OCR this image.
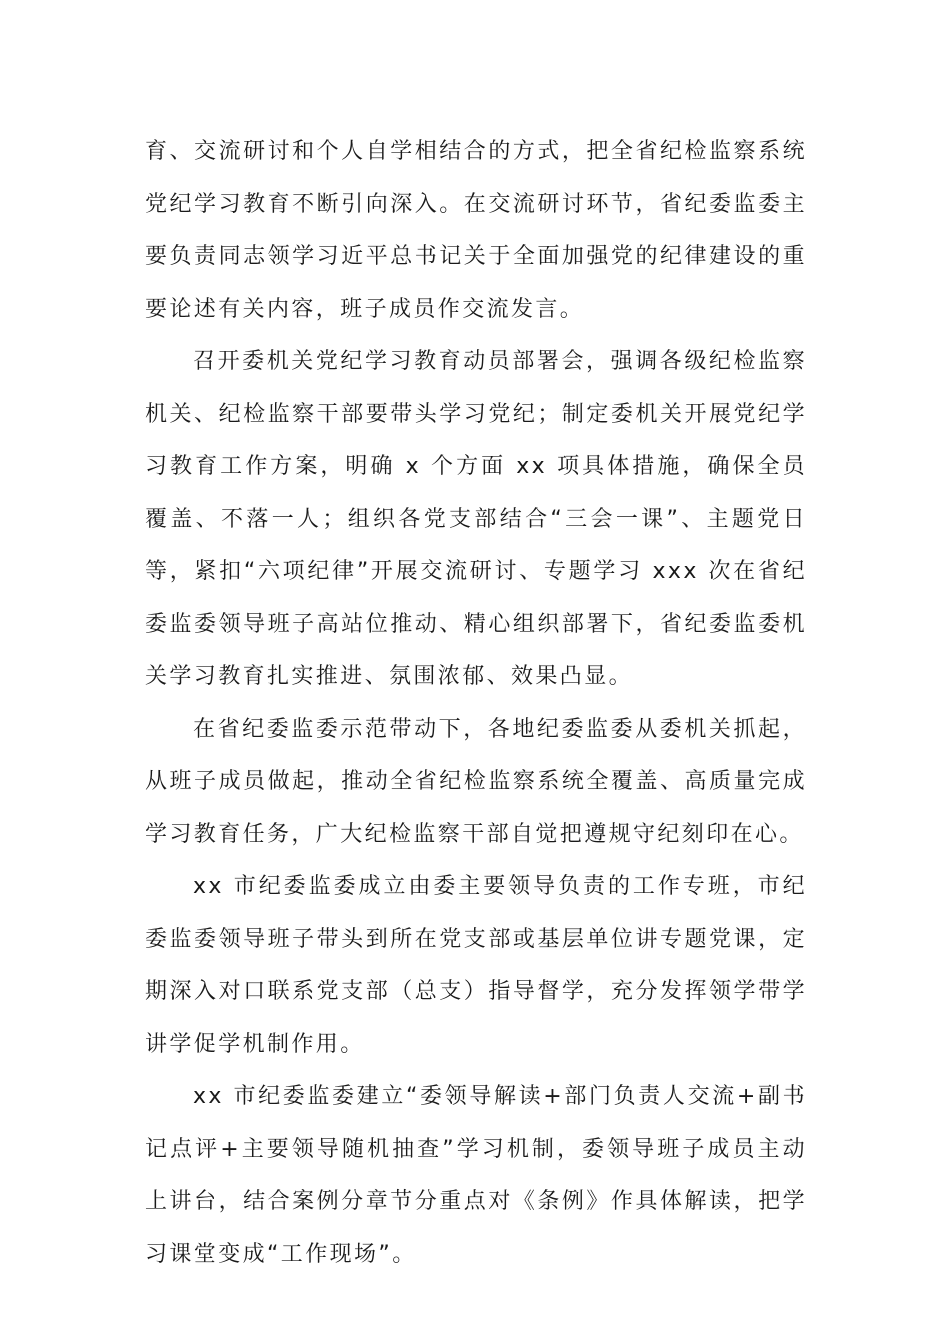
育、交流研讨和个人自学相结合的方式，把全省纪检监察系统党纪学习教育不断引向深入。在交流研讨环节，省纪委监委主要负责同志领学习近平总书记关于全面加强党的纪律建设的重要论述有关内容，班子成员作交流发言。

召开委机关党纪学习教育动员部署会，强调各级纪检监察机关、纪检监察干部要带头学习党纪；制定委机关开展党纪学习教育工作方案，明确 x 个方面 xx 项具体措施，确保全员覆盖、不落一人；组织各党支部结合“三会一课”、主题党日等，紧扣“六项纪律”开展交流研讨、专题学习 xxx 次在省纪委监委领导班子高站位推动、精心组织部署下，省纪委监委机关学习教育扎实推进、氛围浓郁、效果凸显。

在省纪委监委示范带动下，各地纪委监委从委机关抓起，从班子成员做起，推动全省纪检监察系统全覆盖、高质量完成学习教育任务，广大纪检监察干部自觉把遵规守纪刻印在心。

xx 市纪委监委成立由委主要领导负责的工作专班，市纪委监委领导班子带头到所在党支部或基层单位讲专题党课，定期深入对口联系党支部（总支）指导督学，充分发挥领学带学讲学促学机制作用。

xx 市纪委监委建立“委领导解读+部门负责人交流+副书记点评+主要领导随机抽查”学习机制，委领导班子成员主动上讲台，结合案例分章节分重点对《条例》作具体解读，把学习课堂变成“工作现场”。
